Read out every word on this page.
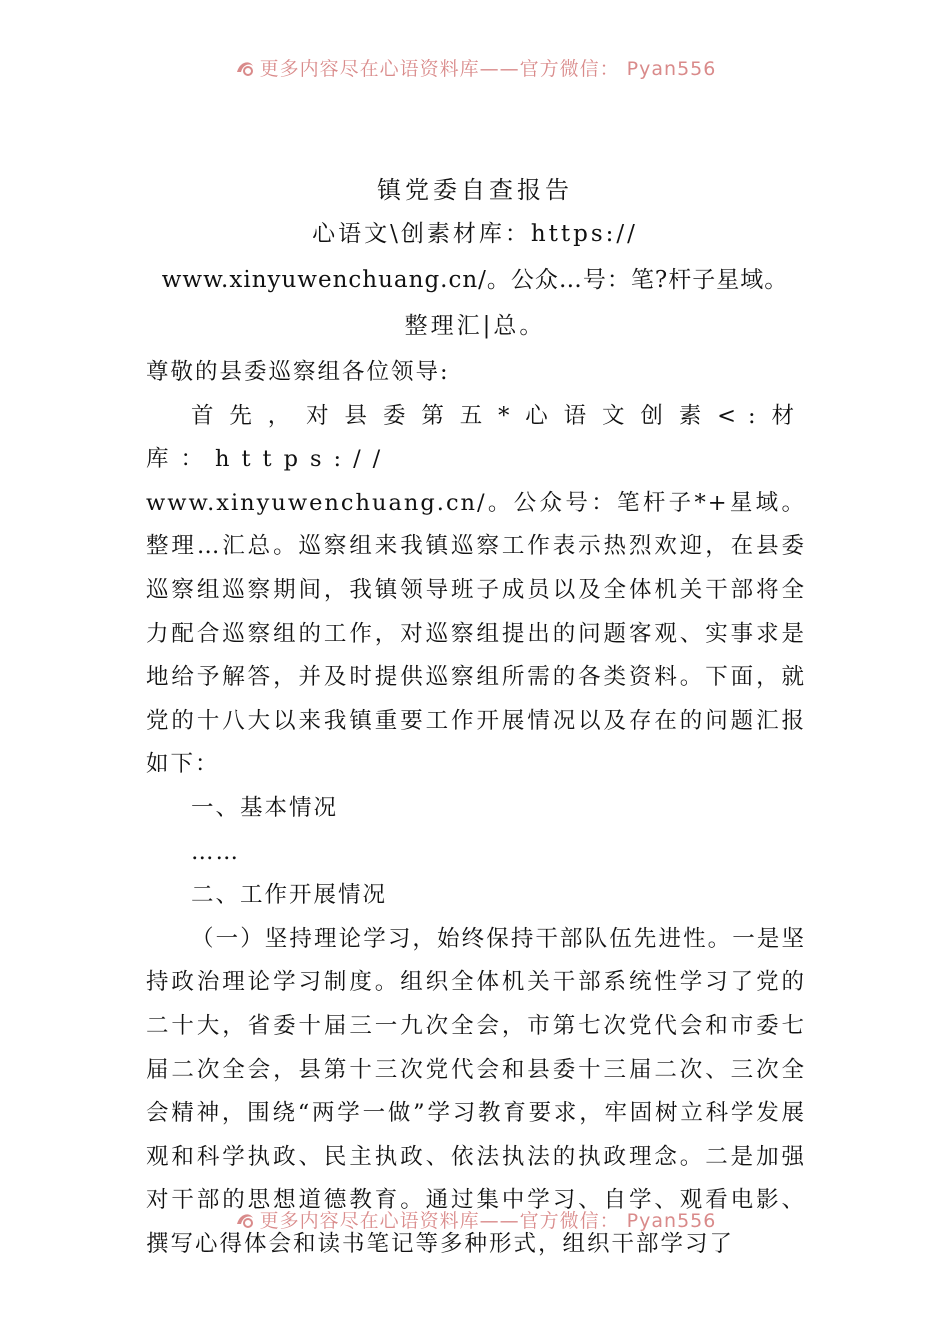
更多内容尽在心语资料库——官方微信： Pyan556
镇党委自查报告
心语文\创素材库：https://
www.xinyuwenchuang.cn/。公众…号：笔?杆子星域。
整理汇|总。

尊敬的县委巡察组各位领导:

首先，对县委第五*心语文创素<:材库：https://

www.xinyuwenchuang.cn/。公众号：笔杆子*+星域。整理…汇总。巡察组来我镇巡察工作表示热烈欢迎，在县委巡察组巡察期间，我镇领导班子成员以及全体机关干部将全力配合巡察组的工作，对巡察组提出的问题客观、实事求是地给予解答，并及时提供巡察组所需的各类资料。下面，就党的十八大以来我镇重要工作开展情况以及存在的问题汇报如下：

一、基本情况

……

二、工作开展情况

（一）坚持理论学习，始终保持干部队伍先进性。一是坚持政治理论学习制度。组织全体机关干部系统性学习了党的二十大，省委十届三一九次全会，市第七次党代会和市委七届二次全会，县第十三次党代会和县委十三届二次、三次全会精神，围绕“两学一做”学习教育要求，牢固树立科学发展观和科学执政、民主执政、依法执法的执政理念。二是加强对干部的思想道德教育。通过集中学习、自学、观看电影、撰写心得体会和读书笔记等多种形式，组织干部学习了

更多内容尽在心语资料库——官方微信： Pyan556
